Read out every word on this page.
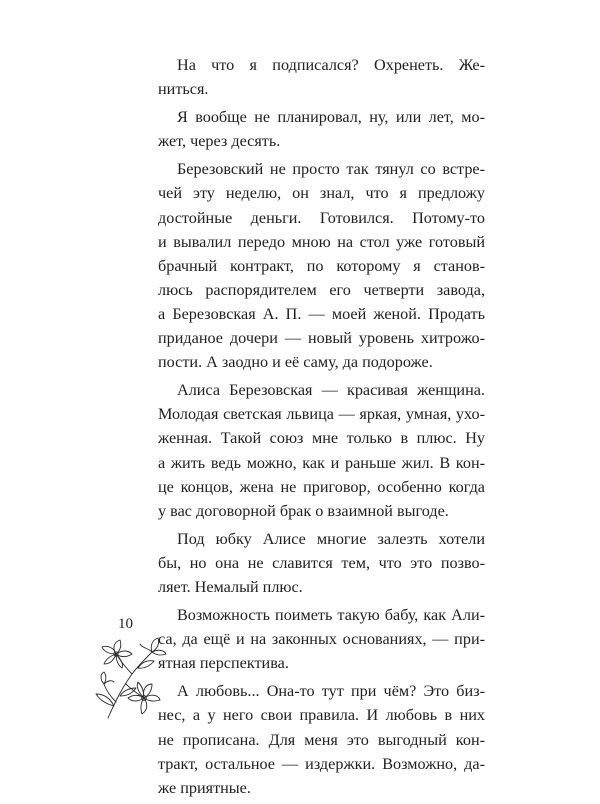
На что я подписался? Охренеть. Же-
ниться.
Я вообще не планировал, ну, или лет, мо-
жет, через десять.
Березовский не просто так тянул со встре-
чей эту неделю, он знал, что я предложу
достойные деньги. Готовился. Потому-то
и вывалил передо мною на стол уже готовый
брачный контракт, по которому я станов-
люсь распорядителем его четверти завода,
а Березовская А. П. — моей женой. Продать
приданое дочери — новый уровень хитрожо-
пости. А заодно и её саму, да подороже.
Алиса Березовская — красивая женщина.
Молодая светская львица — яркая, умная, ухо-
женная. Такой союз мне только в плюс. Ну
а жить ведь можно, как и раньше жил. В кон-
це концов, жена не приговор, особенно когда
у вас договорной брак о взаимной выгоде.
Под юбку Алисе многие залезть хотели
бы, но она не славится тем, что это позво-
ляет. Немалый плюс.
Возможность поиметь такую бабу, как Али-
са, да ещё и на законных основаниях, — при-
ятная перспектива.
А любовь... Она-то тут при чём? Это биз-
нес, а у него свои правила. И любовь в них
не прописана. Для меня это выгодный кон-
тракт, остальное — издержки. Возможно, да-
же приятные.
10
